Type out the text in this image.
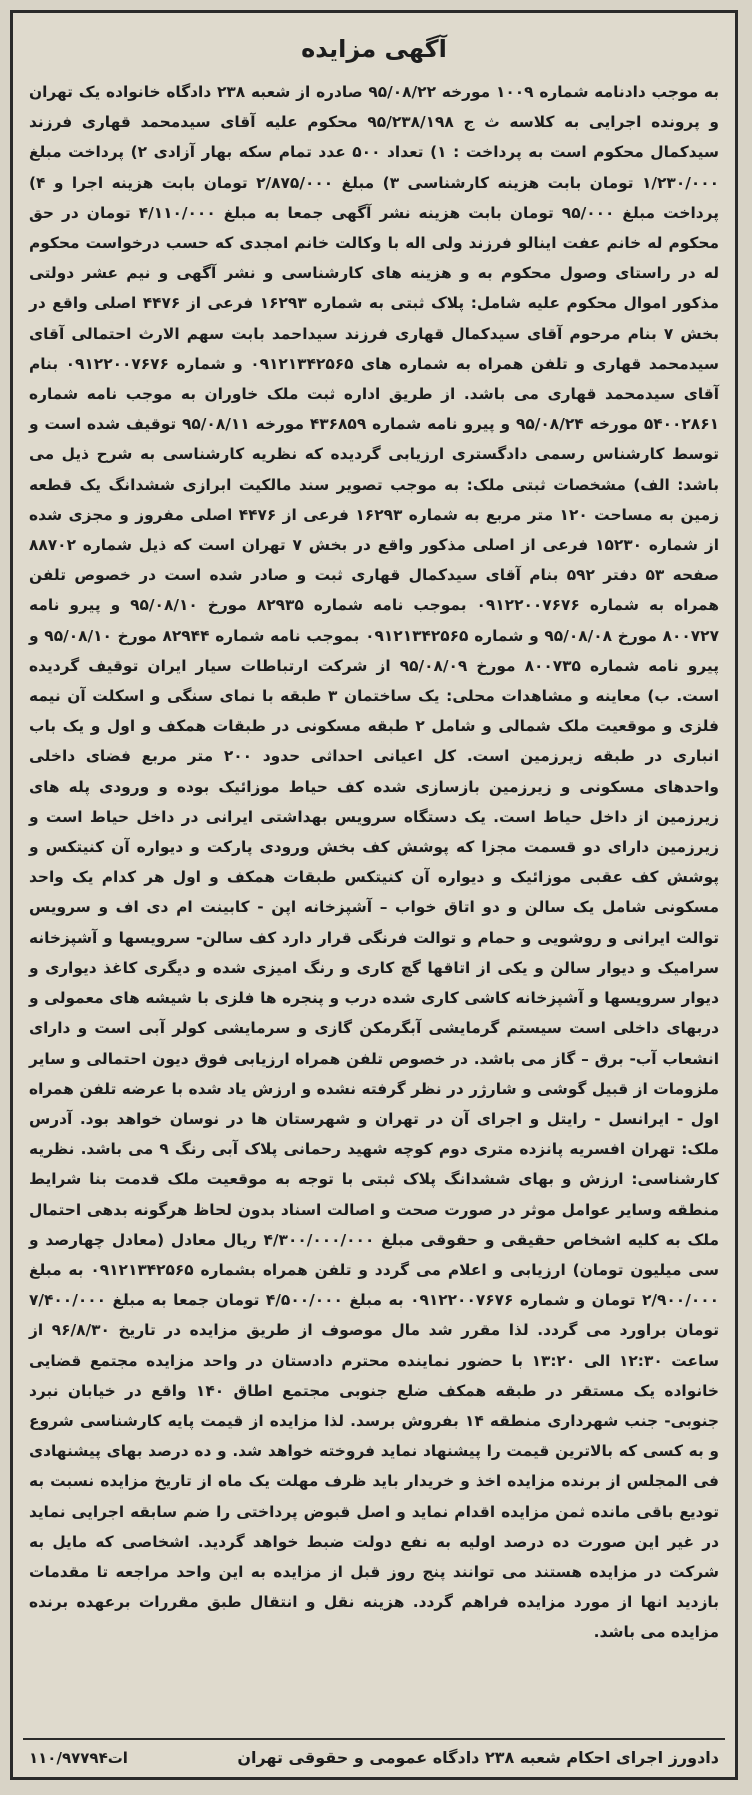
آگهی مزایده
به موجب دادنامه شماره ۱۰۰۹ مورخه ۹۵/۰۸/۲۲ صادره از شعبه ۲۳۸ دادگاه خانواده یک تهران و پرونده اجرایی به کلاسه ث ج ۹۵/۲۳۸/۱۹۸ محکوم علیه آقای سیدمحمد قهاری فرزند سیدکمال محکوم است به پرداخت : ۱) تعداد ۵۰۰ عدد تمام سکه بهار آزادی ۲) پرداخت مبلغ ۱/۲۳۰/۰۰۰ تومان بابت هزینه کارشناسی ۳) مبلغ ۲/۸۷۵/۰۰۰ تومان بابت هزینه اجرا و ۴) پرداخت مبلغ ۹۵/۰۰۰ تومان بابت هزینه نشر آگهی جمعا به مبلغ ۴/۱۱۰/۰۰۰ تومان در حق محکوم له خانم عفت اینالو فرزند ولی اله با وکالت خانم امجدی که حسب درخواست محکوم له در راستای وصول محکوم به و هزینه های کارشناسی و نشر آگهی و نیم عشر دولتی مذکور اموال محکوم علیه شامل: پلاک ثبتی به شماره ۱۶۲۹۳ فرعی از ۴۴۷۶ اصلی واقع در بخش ۷ بنام مرحوم آقای سیدکمال قهاری فرزند سیداحمد بابت سهم الارث احتمالی آقای سیدمحمد قهاری و تلفن همراه به شماره های ۰۹۱۲۱۳۴۲۵۶۵ و شماره ۰۹۱۲۲۰۰۷۶۷۶ بنام آقای سیدمحمد قهاری می باشد. از طریق اداره ثبت ملک خاوران به موجب نامه شماره ۵۴۰۰۲۸۶۱ مورخه ۹۵/۰۸/۲۴ و پیرو نامه شماره ۴۳۶۸۵۹ مورخه ۹۵/۰۸/۱۱ توقیف شده است و توسط کارشناس رسمی دادگستری ارزیابی گردیده که نظریه کارشناسی به شرح ذیل می باشد: الف) مشخصات ثبتی ملک: به موجب تصویر سند مالکیت ابرازی ششدانگ یک قطعه زمین به مساحت ۱۲۰ متر مربع به شماره ۱۶۲۹۳ فرعی از ۴۴۷۶ اصلی مفروز و مجزی شده از شماره ۱۵۲۳۰ فرعی از اصلی مذکور واقع در بخش ۷ تهران است که ذیل شماره ۸۸۷۰۲ صفحه ۵۳ دفتر ۵۹۲ بنام آقای سیدکمال قهاری ثبت و صادر شده است در خصوص تلفن همراه به شماره ۰۹۱۲۲۰۰۷۶۷۶ بموجب نامه شماره ۸۲۹۳۵ مورخ ۹۵/۰۸/۱۰ و پیرو نامه ۸۰۰۷۲۷ مورخ ۹۵/۰۸/۰۸ و شماره ۰۹۱۲۱۳۴۲۵۶۵ بموجب نامه شماره ۸۲۹۴۴ مورخ ۹۵/۰۸/۱۰ و پیرو نامه شماره ۸۰۰۷۳۵ مورخ ۹۵/۰۸/۰۹ از شرکت ارتباطات سیار ایران توقیف گردیده است. ب) معاینه و مشاهدات محلی: یک ساختمان ۳ طبقه با نمای سنگی و اسکلت آن نیمه فلزی و موقعیت ملک شمالی و شامل ۲ طبقه مسکونی در طبقات همکف و اول و یک باب انباری در طبقه زیرزمین است. کل اعیانی احداثی حدود ۲۰۰ متر مربع فضای داخلی واحدهای مسکونی و زیرزمین بازسازی شده کف حیاط موزائیک بوده و ورودی پله های زیرزمین از داخل حیاط است. یک دستگاه سرویس بهداشتی ایرانی در داخل حیاط است و زیرزمین دارای دو قسمت مجزا که پوشش کف بخش ورودی پارکت و دیواره آن کنیتکس و پوشش کف عقبی موزائیک و دیواره آن کنیتکس طبقات همکف و اول هر کدام یک واحد مسکونی شامل یک سالن و دو اتاق خواب – آشپزخانه اپن - کابینت ام دی اف و سرویس توالت ایرانی و روشویی و حمام و توالت فرنگی قرار دارد کف سالن- سرویسها و آشپزخانه سرامیک و دیوار سالن و یکی از اتاقها گچ کاری و رنگ امیزی شده و دیگری کاغذ دیواری و دیوار سرویسها و آشپزخانه کاشی کاری شده درب و پنجره ها فلزی با شیشه های معمولی و دربهای داخلی است سیستم گرمایشی آبگرمکن گازی و سرمایشی کولر آبی است و دارای انشعاب آب- برق – گاز می باشد. در خصوص تلفن همراه ارزیابی فوق دیون احتمالی و سایر ملزومات از قبیل گوشی و شارژر در نظر گرفته نشده و ارزش یاد شده با عرضه تلفن همراه اول - ایرانسل - رایتل و اجرای آن در تهران و شهرستان ها در نوسان خواهد بود. آدرس ملک: تهران افسریه پانزده متری دوم کوچه شهید رحمانی پلاک آبی رنگ ۹ می باشد. نظریه کارشناسی: ارزش و بهای ششدانگ پلاک ثبتی با توجه به موقعیت ملک قدمت بنا شرایط منطقه وسایر عوامل موثر در صورت صحت و اصالت اسناد بدون لحاظ هرگونه بدهی احتمال ملک به کلیه اشخاص حقیقی و حقوقی مبلغ ۴/۳۰۰/۰۰۰/۰۰۰ ریال معادل (معادل چهارصد و سی میلیون تومان) ارزیابی و اعلام می گردد و تلفن همراه بشماره ۰۹۱۲۱۳۴۲۵۶۵ به مبلغ ۲/۹۰۰/۰۰۰ تومان و شماره ۰۹۱۲۲۰۰۷۶۷۶ به مبلغ ۴/۵۰۰/۰۰۰ تومان جمعا به مبلغ ۷/۴۰۰/۰۰۰ تومان براورد می گردد. لذا مقرر شد مال موصوف از طریق مزایده در تاریخ ۹۶/۸/۳۰ از ساعت ۱۲:۳۰ الی ۱۳:۲۰ با حضور نماینده محترم دادستان در واحد مزایده مجتمع قضایی خانواده یک مستقر در طبقه همکف ضلع جنوبی مجتمع اطاق ۱۴۰ واقع در خیابان نبرد جنوبی- جنب شهرداری منطقه ۱۴ بفروش برسد. لذا مزایده از قیمت پایه کارشناسی شروع و به کسی که بالاترین قیمت را پیشنهاد نماید فروخته خواهد شد. و ده درصد بهای پیشنهادی فی المجلس از برنده مزایده اخذ و خریدار باید ظرف مهلت یک ماه از تاریخ مزایده نسبت به تودیع باقی مانده ثمن مزایده اقدام نماید و اصل قبوض پرداختی را ضم سابقه اجرایی نماید در غیر این صورت ده درصد اولیه به نفع دولت ضبط خواهد گردید. اشخاصی که مایل به شرکت در مزایده هستند می توانند پنج روز قبل از مزایده به این واحد مراجعه تا مقدمات بازدید انها از مورد مزایده فراهم گردد. هزینه نقل و انتقال طبق مقررات برعهده برنده مزایده می باشد.
دادورز اجرای احکام شعبه ۲۳۸ دادگاه عمومی و حقوقی تهران
۱۱۰/۹۷۷۹۴ات
